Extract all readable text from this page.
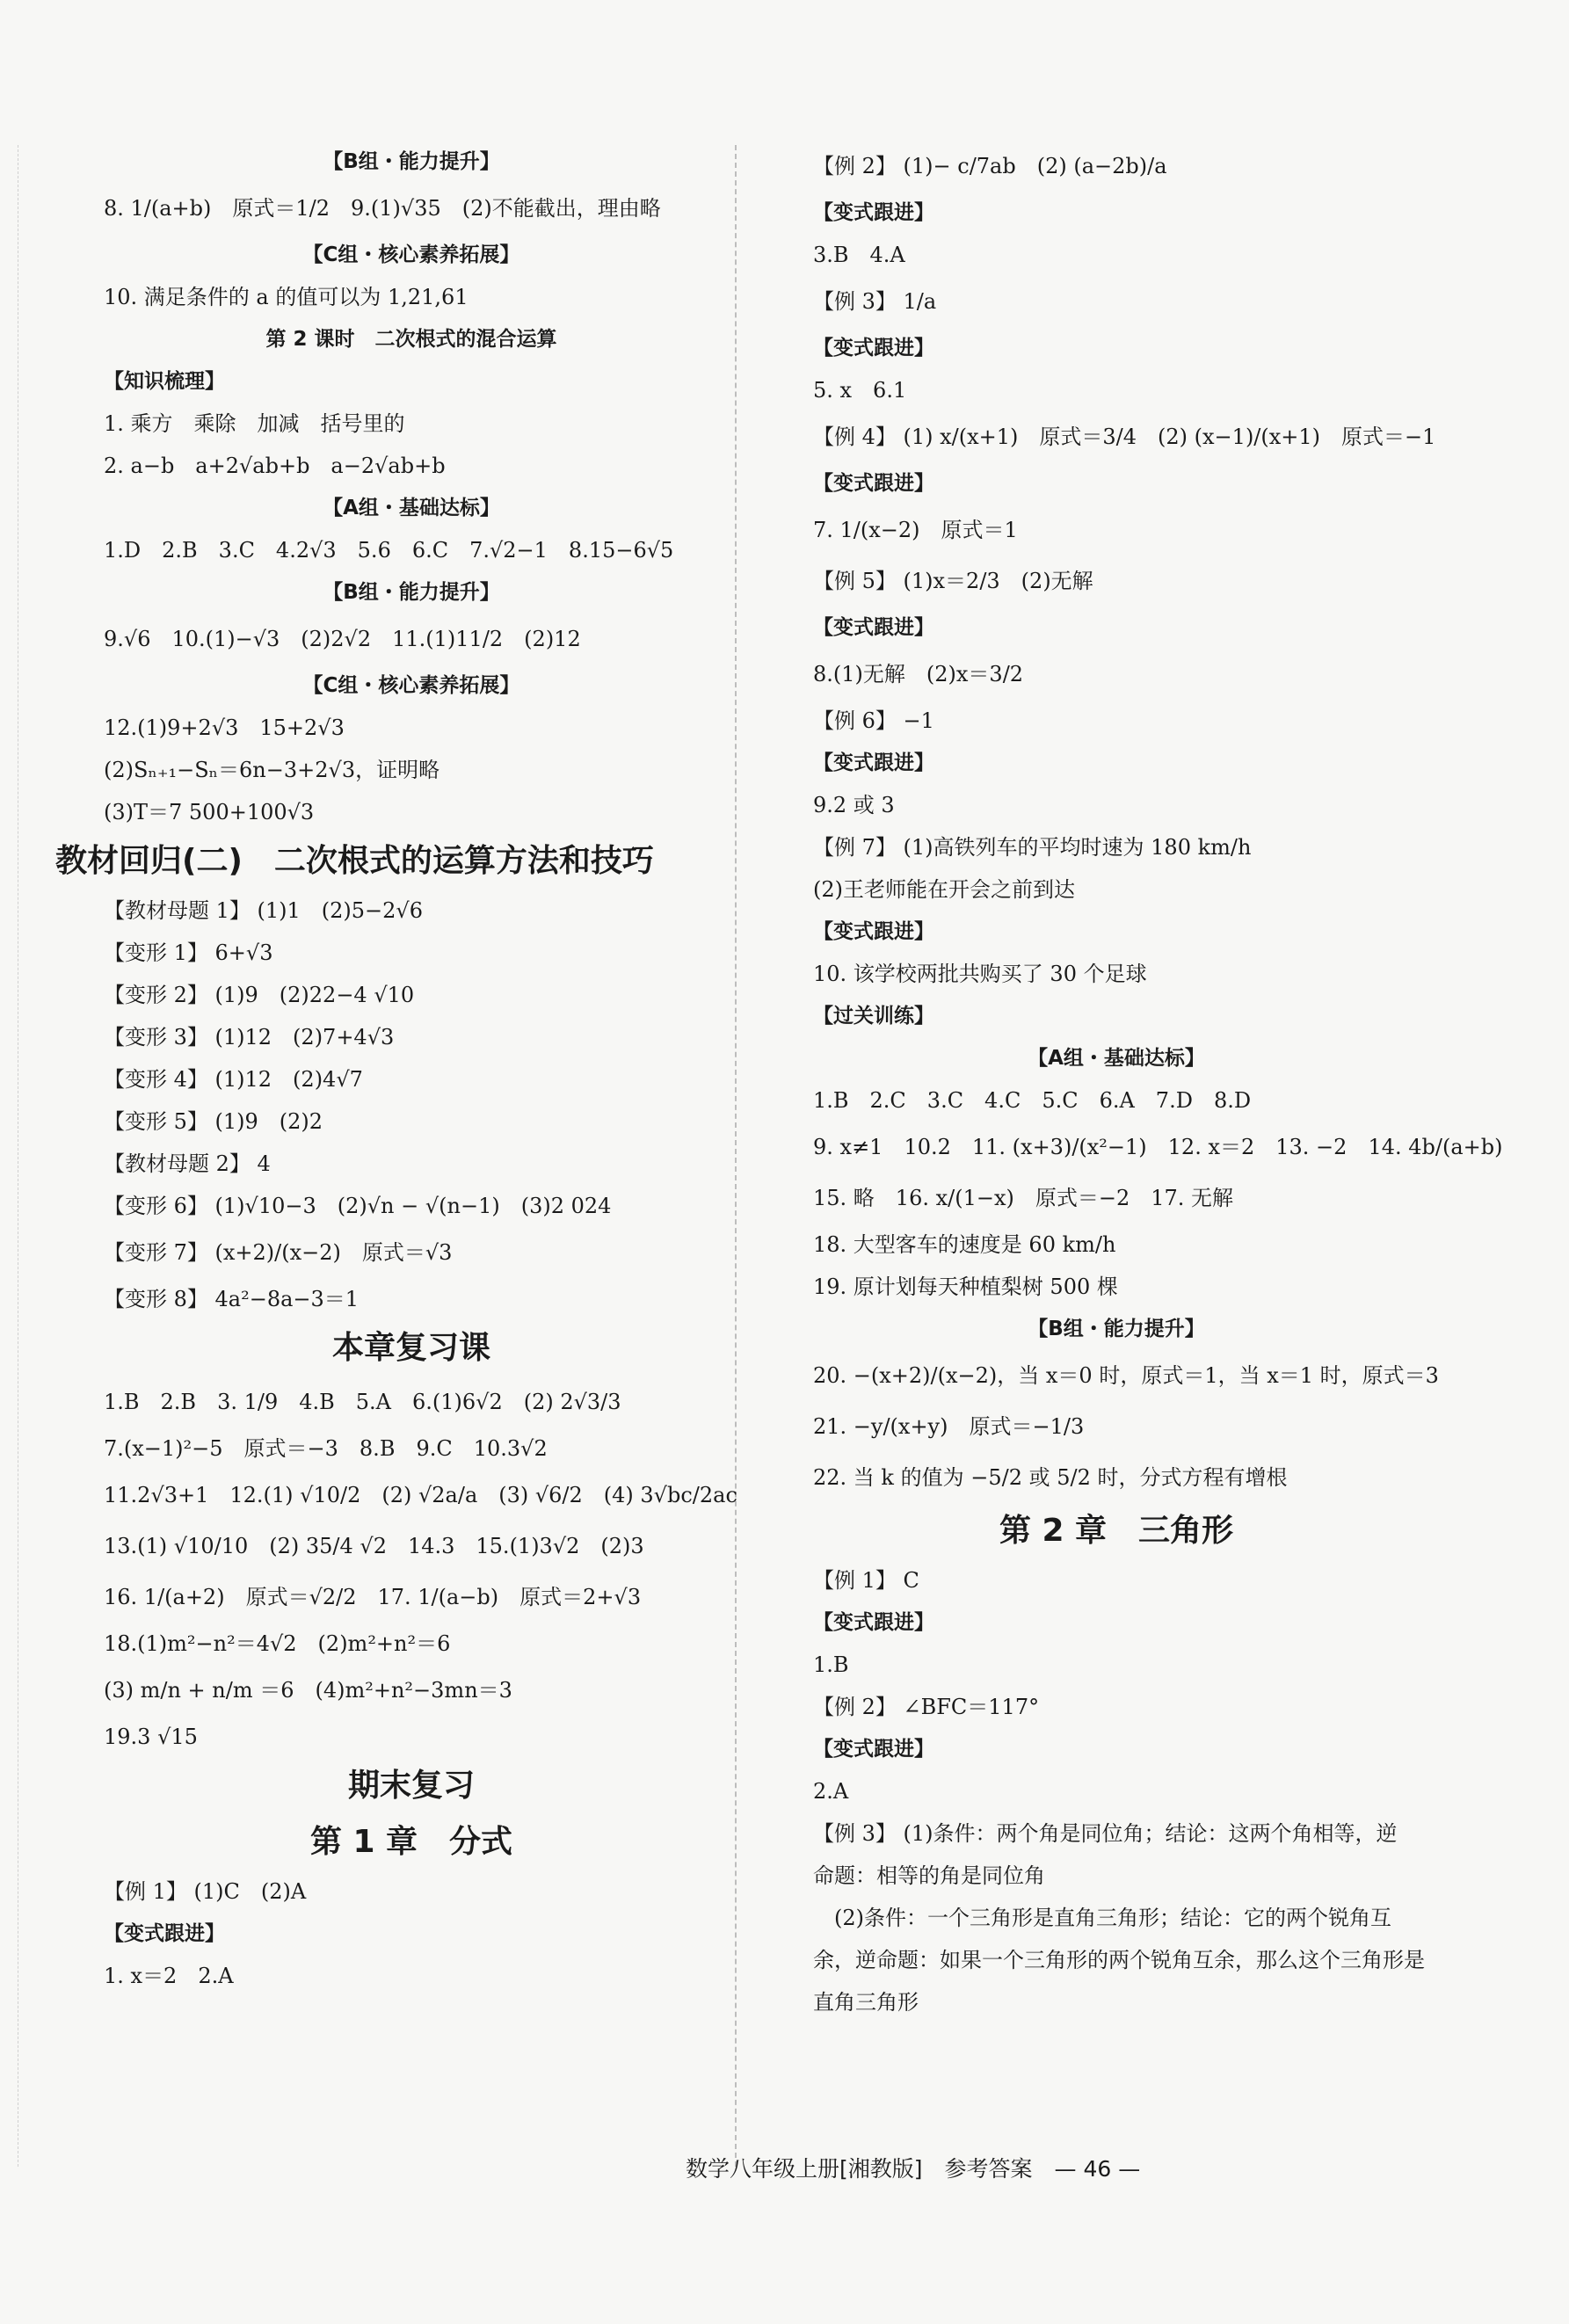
【B组・能力提升】
8. 1/(a+b)　原式＝1/2　9.(1)√35　(2)不能截出，理由略
【C组・核心素养拓展】
10. 满足条件的 a 的值可以为 1,21,61
第 2 课时　二次根式的混合运算
【知识梳理】
1. 乘方　乘除　加减　括号里的
2. a−b　a+2√ab+b　a−2√ab+b
【A组・基础达标】
1.D　2.B　3.C　4.2√3　5.6　6.C　7.√2−1　8.15−6√5
【B组・能力提升】
9.√6　10.(1)−√3　(2)2√2　11.(1)11/2　(2)12
【C组・核心素养拓展】
12.(1)9+2√3　15+2√3
(2)Sₙ₊₁−Sₙ＝6n−3+2√3，证明略
(3)T＝7 500+100√3
教材回归(二)　二次根式的运算方法和技巧
【教材母题 1】 (1)1　(2)5−2√6
【变形 1】 6+√3
【变形 2】 (1)9　(2)22−4 √10
【变形 3】 (1)12　(2)7+4√3
【变形 4】 (1)12　(2)4√7
【变形 5】 (1)9　(2)2
【教材母题 2】 4
【变形 6】 (1)√10−3　(2)√n − √(n−1)　(3)2 024
【变形 7】 (x+2)/(x−2)　原式＝√3
【变形 8】 4a²−8a−3＝1
本章复习课
1.B　2.B　3. 1/9　4.B　5.A　6.(1)6√2　(2) 2√3/3
7.(x−1)²−5　原式＝−3　8.B　9.C　10.3√2
11.2√3+1　12.(1) √10/2　(2) √2a/a　(3) √6/2　(4) 3√bc/2ac
13.(1) √10/10　(2) 35/4 √2　14.3　15.(1)3√2　(2)3
16. 1/(a+2)　原式＝√2/2　17. 1/(a−b)　原式＝2+√3
18.(1)m²−n²＝4√2　(2)m²+n²＝6
(3) m/n + n/m ＝6　(4)m²+n²−3mn＝3
19.3 √15
期末复习
第 1 章　分式
【例 1】 (1)C　(2)A
【变式跟进】
1. x＝2　2.A
【例 2】 (1)− c/7ab　(2) (a−2b)/a
【变式跟进】
3.B　4.A
【例 3】 1/a
【变式跟进】
5. x　6.1
【例 4】 (1) x/(x+1)　原式＝3/4　(2) (x−1)/(x+1)　原式＝−1
【变式跟进】
7. 1/(x−2)　原式＝1
【例 5】 (1)x＝2/3　(2)无解
【变式跟进】
8.(1)无解　(2)x＝3/2
【例 6】 −1
【变式跟进】
9.2 或 3
【例 7】 (1)高铁列车的平均时速为 180 km/h
(2)王老师能在开会之前到达
【变式跟进】
10. 该学校两批共购买了 30 个足球
【过关训练】
【A组・基础达标】
1.B　2.C　3.C　4.C　5.C　6.A　7.D　8.D
9. x≠1　10.2　11. (x+3)/(x²−1)　12. x＝2　13. −2　14. 4b/(a+b)
15. 略　16. x/(1−x)　原式＝−2　17. 无解
18. 大型客车的速度是 60 km/h
19. 原计划每天种植梨树 500 棵
【B组・能力提升】
20. −(x+2)/(x−2)，当 x＝0 时，原式＝1，当 x＝1 时，原式＝3
21. −y/(x+y)　原式＝−1/3
22. 当 k 的值为 −5/2 或 5/2 时，分式方程有增根
第 2 章　三角形
【例 1】 C
【变式跟进】
1.B
【例 2】 ∠BFC＝117°
【变式跟进】
2.A
【例 3】 (1)条件：两个角是同位角；结论：这两个角相等，逆
命题：相等的角是同位角
　(2)条件：一个三角形是直角三角形；结论：它的两个锐角互
余，逆命题：如果一个三角形的两个锐角互余，那么这个三角形是
直角三角形
数学八年级上册[湘教版]　参考答案　— 46 —
